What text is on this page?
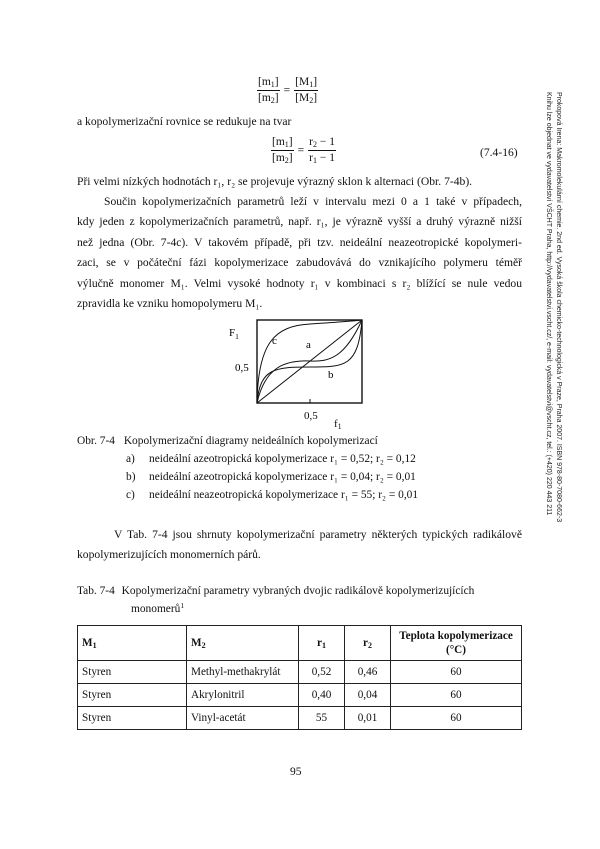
Prokopová Irena: Makromolekulární chemie. 2nd ed. Vysoká škola chemicko-technologická v Praze, Praha 2007. ISBN 978-80-7080-662-3
Knihu lze objednat ve vydavatelství VŠCHT Praha, http://vydavatelstvi.vscht.cz/, e-mail: vydavatelstvi@vscht.cz, tel.: (+420) 220 443 211
$\frac{[m_1]}{[m_2]} = \frac{[M_1]}{[M_2]}$
a kopolymerizační rovnice se redukuje na tvar
$\frac{[m_1]}{[m_2]} = \frac{r_2 - 1}{r_1 - 1}$	(7.4-16)
Při velmi nízkých hodnotách r₁, r₂ se projevuje výrazný sklon k alternaci (Obr. 7-4b).
Součin kopolymerizačních parametrů leží v intervalu mezi 0 a 1 také v případech,
kdy jeden z kopolymerizačních parametrů, např. r₁, je výrazně vyšší a druhý výrazně nižší
než jedna (Obr. 7-4c). V takovém případě, při tzv. neideální neazeotropické kopolymeri-
zaci, se v počáteční fázi kopolymerizace zabudovává do vznikajícího polymeru téměř
výlučně monomer M₁. Velmi vysoké hodnoty r₁ v kombinaci s r₂ blížící se nule vedou
zpravidla ke vzniku homopolymeru M₁.
$F_1$
0,5
c	a
b
0,5
$f_1$
Obr. 7-4 Kopolymerizační diagramy neideálních kopolymerizací
a) neideální azeotropická kopolymerizace r₁ = 0,52; r₂ = 0,12
b) neideální azeotropická kopolymerizace r₁ = 0,04; r₂ = 0,01
c) neideální neazeotropická kopolymerizace r₁ = 55; r₂ = 0,01
V Tab. 7-4 jsou shrnuty kopolymerizační parametry některých typických radikálově
kopolymerizujících monomerních párů.
Tab. 7-4 Kopolymerizační parametry vybraných dvojic radikálově kopolymerizujících
monomerů$^1$
$M_1$	$M_2$	$r_1$	$r_2$	Teplota kopolymerizace (°C)
Styren	Methyl-methakrylát	0,52	0,46	60
Styren	Akrylonitril	0,40	0,04	60
Styren	Vinyl-acetát	55	0,01	60
95
